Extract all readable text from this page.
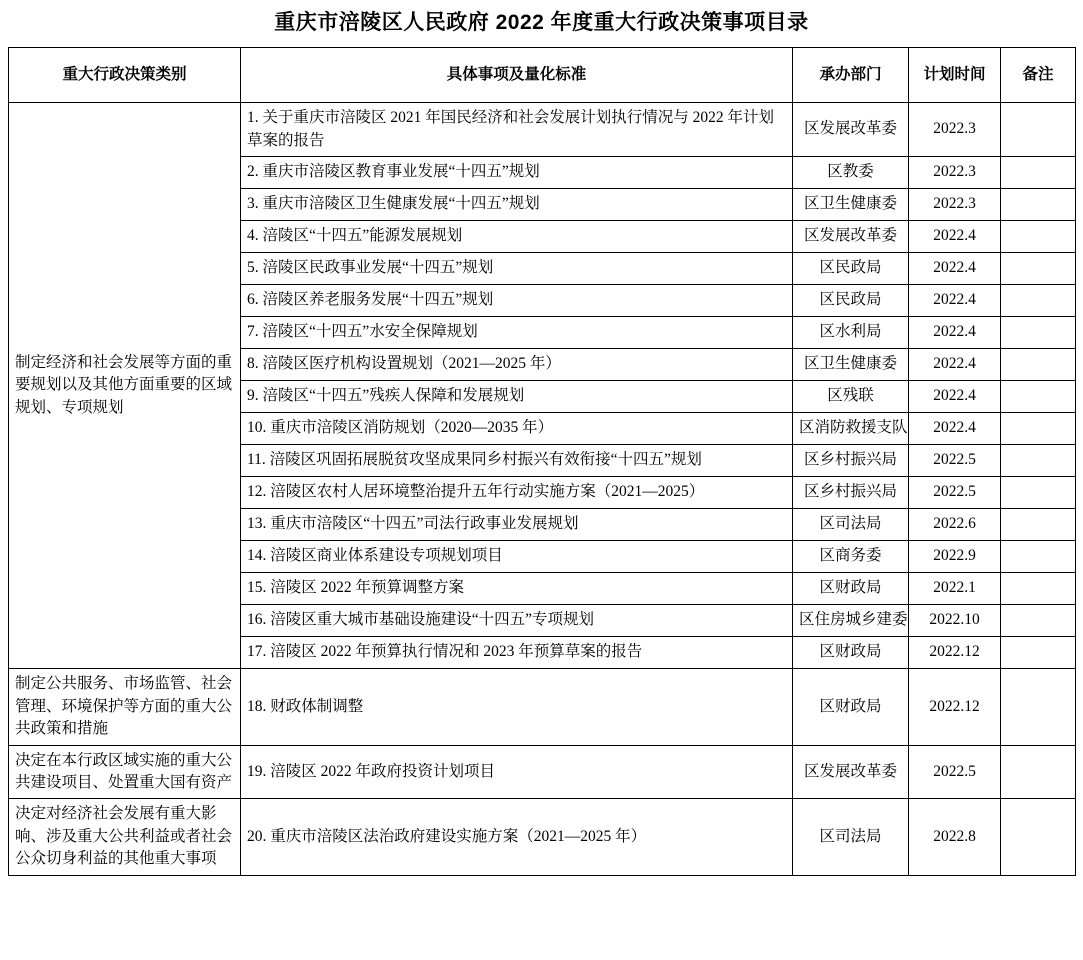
重庆市涪陵区人民政府 2022 年度重大行政决策事项目录
重大行政决策类别	具体事项及量化标准	承办部门	计划时间	备注
制定经济和社会发展等方面的重要规划以及其他方面重要的区域规划、专项规划	1. 关于重庆市涪陵区 2021 年国民经济和社会发展计划执行情况与 2022 年计划草案的报告	区发展改革委	2022.3	
	2. 重庆市涪陵区教育事业发展“十四五”规划	区教委	2022.3	
	3. 重庆市涪陵区卫生健康发展“十四五”规划	区卫生健康委	2022.3	
	4. 涪陵区“十四五”能源发展规划	区发展改革委	2022.4	
	5. 涪陵区民政事业发展“十四五”规划	区民政局	2022.4	
	6. 涪陵区养老服务发展“十四五”规划	区民政局	2022.4	
	7. 涪陵区“十四五”水安全保障规划	区水利局	2022.4	
	8. 涪陵区医疗机构设置规划（2021—2025 年）	区卫生健康委	2022.4	
	9. 涪陵区“十四五”残疾人保障和发展规划	区残联	2022.4	
	10. 重庆市涪陵区消防规划（2020—2035 年）	区消防救援支队	2022.4	
	11. 涪陵区巩固拓展脱贫攻坚成果同乡村振兴有效衔接“十四五”规划	区乡村振兴局	2022.5	
	12. 涪陵区农村人居环境整治提升五年行动实施方案（2021—2025）	区乡村振兴局	2022.5	
	13. 重庆市涪陵区“十四五”司法行政事业发展规划	区司法局	2022.6	
	14. 涪陵区商业体系建设专项规划项目	区商务委	2022.9	
	15. 涪陵区 2022 年预算调整方案	区财政局	2022.1	
	16. 涪陵区重大城市基础设施建设“十四五”专项规划	区住房城乡建委	2022.10	
	17. 涪陵区 2022 年预算执行情况和 2023 年预算草案的报告	区财政局	2022.12	
制定公共服务、市场监管、社会管理、环境保护等方面的重大公共政策和措施	18. 财政体制调整	区财政局	2022.12	
决定在本行政区域实施的重大公共建设项目、处置重大国有资产	19. 涪陵区 2022 年政府投资计划项目	区发展改革委	2022.5	
决定对经济社会发展有重大影响、涉及重大公共利益或者社会公众切身利益的其他重大事项	20. 重庆市涪陵区法治政府建设实施方案（2021—2025 年）	区司法局	2022.8	
